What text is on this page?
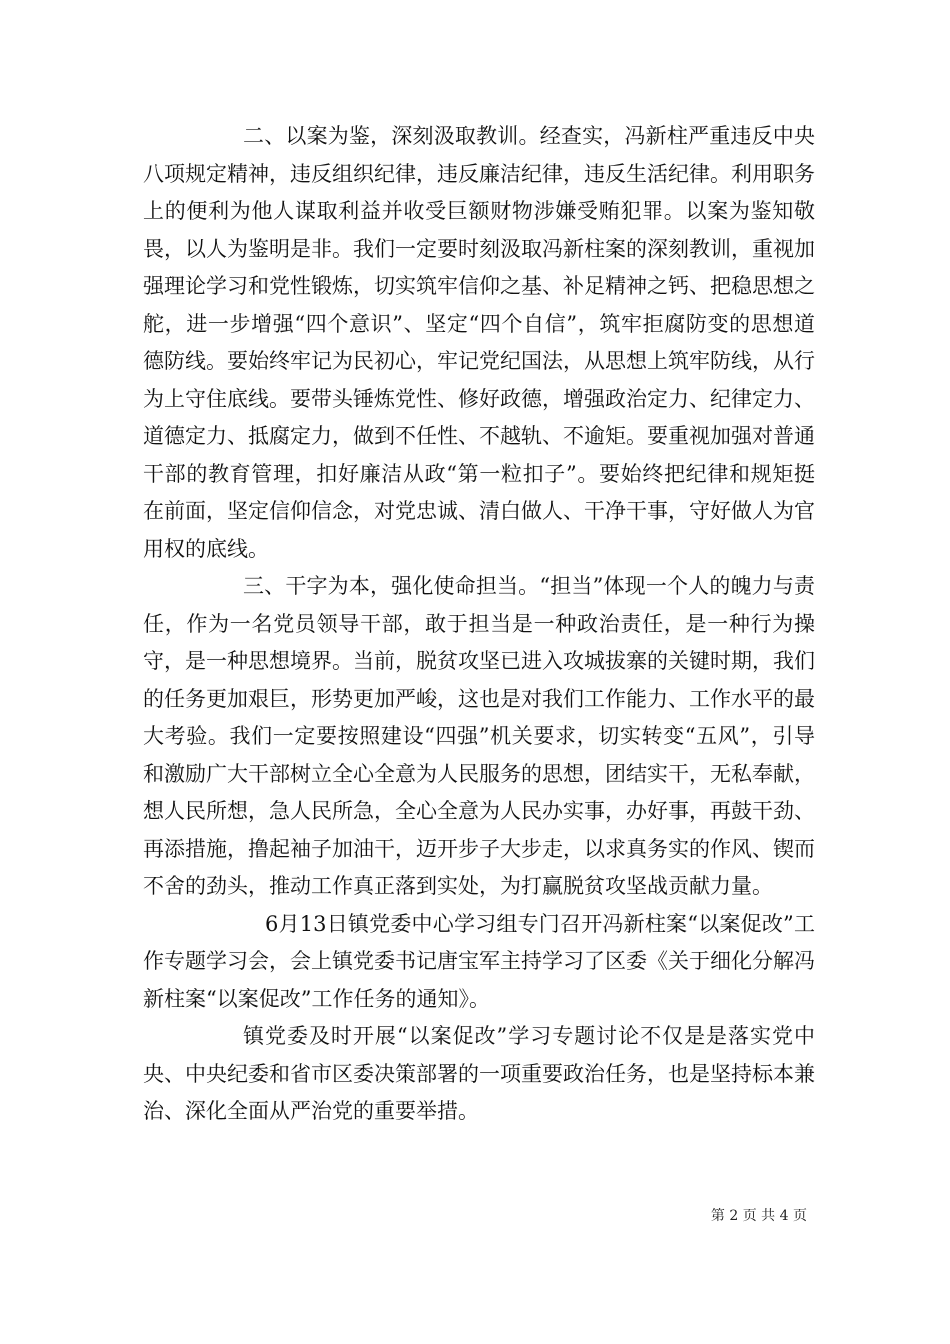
二、以案为鉴，深刻汲取教训。经查实，冯新柱严重违反中央八项规定精神，违反组织纪律，违反廉洁纪律，违反生活纪律。利用职务上的便利为他人谋取利益并收受巨额财物涉嫌受贿犯罪。以案为鉴知敬畏，以人为鉴明是非。我们一定要时刻汲取冯新柱案的深刻教训，重视加强理论学习和党性锻炼，切实筑牢信仰之基、补足精神之钙、把稳思想之舵，进一步增强“四个意识”、坚定“四个自信”，筑牢拒腐防变的思想道德防线。要始终牢记为民初心，牢记党纪国法，从思想上筑牢防线，从行为上守住底线。要带头锤炼党性、修好政德，增强政治定力、纪律定力、道德定力、抵腐定力，做到不任性、不越轨、不逾矩。要重视加强对普通干部的教育管理，扣好廉洁从政“第一粒扣子”。要始终把纪律和规矩挺在前面，坚定信仰信念，对党忠诚、清白做人、干净干事，守好做人为官用权的底线。

三、干字为本，强化使命担当。“担当”体现一个人的魄力与责任，作为一名党员领导干部，敢于担当是一种政治责任，是一种行为操守，是一种思想境界。当前，脱贫攻坚已进入攻城拔寨的关键时期，我们的任务更加艰巨，形势更加严峻，这也是对我们工作能力、工作水平的最大考验。我们一定要按照建设“四强”机关要求，切实转变“五风”，引导和激励广大干部树立全心全意为人民服务的思想，团结实干，无私奉献，想人民所想，急人民所急，全心全意为人民办实事，办好事，再鼓干劲、再添措施，撸起袖子加油干，迈开步子大步走，以求真务实的作风、锲而不舍的劲头，推动工作真正落到实处，为打赢脱贫攻坚战贡献力量。

6月13日镇党委中心学习组专门召开冯新柱案“以案促改”工作专题学习会，会上镇党委书记唐宝军主持学习了区委《关于细化分解冯新柱案“以案促改”工作任务的通知》。

镇党委及时开展“以案促改”学习专题讨论不仅是是落实党中央、中央纪委和省市区委决策部署的一项重要政治任务，也是坚持标本兼治、深化全面从严治党的重要举措。

第 2 页 共 4 页
